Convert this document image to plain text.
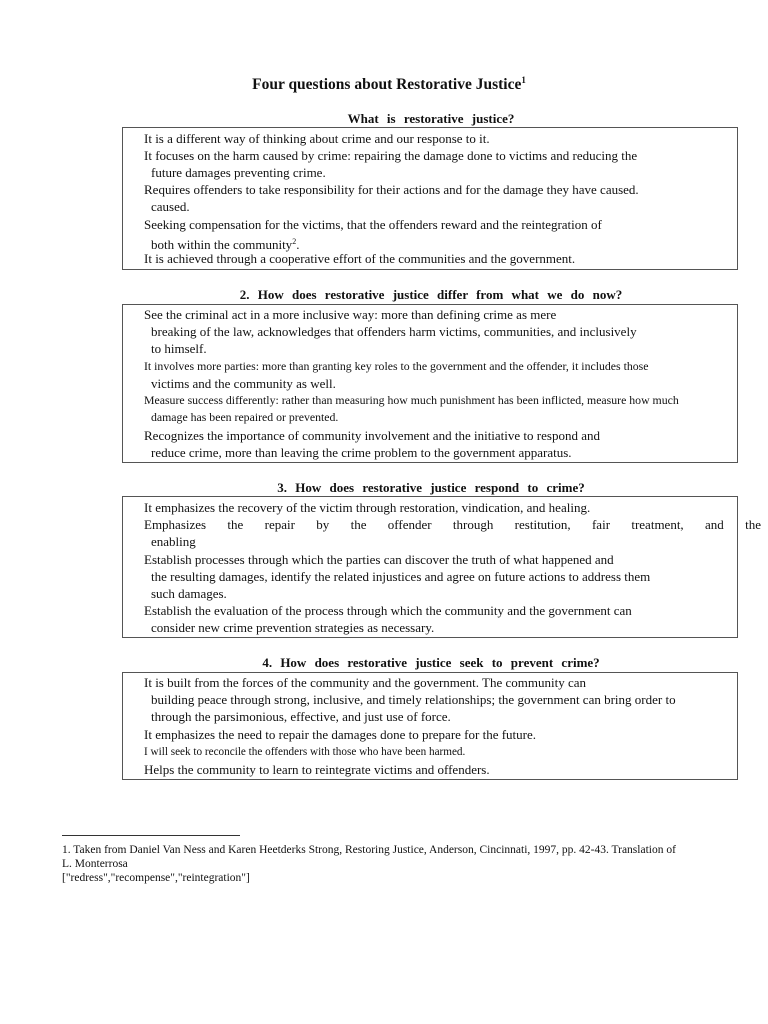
Four questions about Restorative Justice$^1$
What is restorative justice?
It is a different way of thinking about crime and our response to it.
It focuses on the harm caused by crime: repairing the damage done to victims and reducing the
future damages preventing crime.
Requires offenders to take responsibility for their actions and for the damage they have caused.
caused.
Seeking compensation for the victims, that the offenders reward and the reintegration of
both within the community$^2$.
It is achieved through a cooperative effort of the communities and the government.
2. How does restorative justice differ from what we do now?
See the criminal act in a more inclusive way: more than defining crime as mere
breaking of the law, acknowledges that offenders harm victims, communities, and inclusively
to himself.
It involves more parties: more than granting key roles to the government and the offender, it includes those
victims and the community as well.
Measure success differently: rather than measuring how much punishment has been inflicted, measure how much
damage has been repaired or prevented.
Recognizes the importance of community involvement and the initiative to respond and
reduce crime, more than leaving the crime problem to the government apparatus.
3. How does restorative justice respond to crime?
It emphasizes the recovery of the victim through restoration, vindication, and healing.
Emphasizes the repair by the offender through restitution, fair treatment, and the
enabling
Establish processes through which the parties can discover the truth of what happened and
the resulting damages, identify the related injustices and agree on future actions to address them
such damages.
Establish the evaluation of the process through which the community and the government can
consider new crime prevention strategies as necessary.
4. How does restorative justice seek to prevent crime?
It is built from the forces of the community and the government. The community can
building peace through strong, inclusive, and timely relationships; the government can bring order to
through the parsimonious, effective, and just use of force.
It emphasizes the need to repair the damages done to prepare for the future.
I will seek to reconcile the offenders with those who have been harmed.
Helps the community to learn to reintegrate victims and offenders.
1. Taken from Daniel Van Ness and Karen Heetderks Strong, Restoring Justice, Anderson, Cincinnati, 1997, pp. 42-43. Translation of
L. Monterrosa
["redress","recompense","reintegration"]
